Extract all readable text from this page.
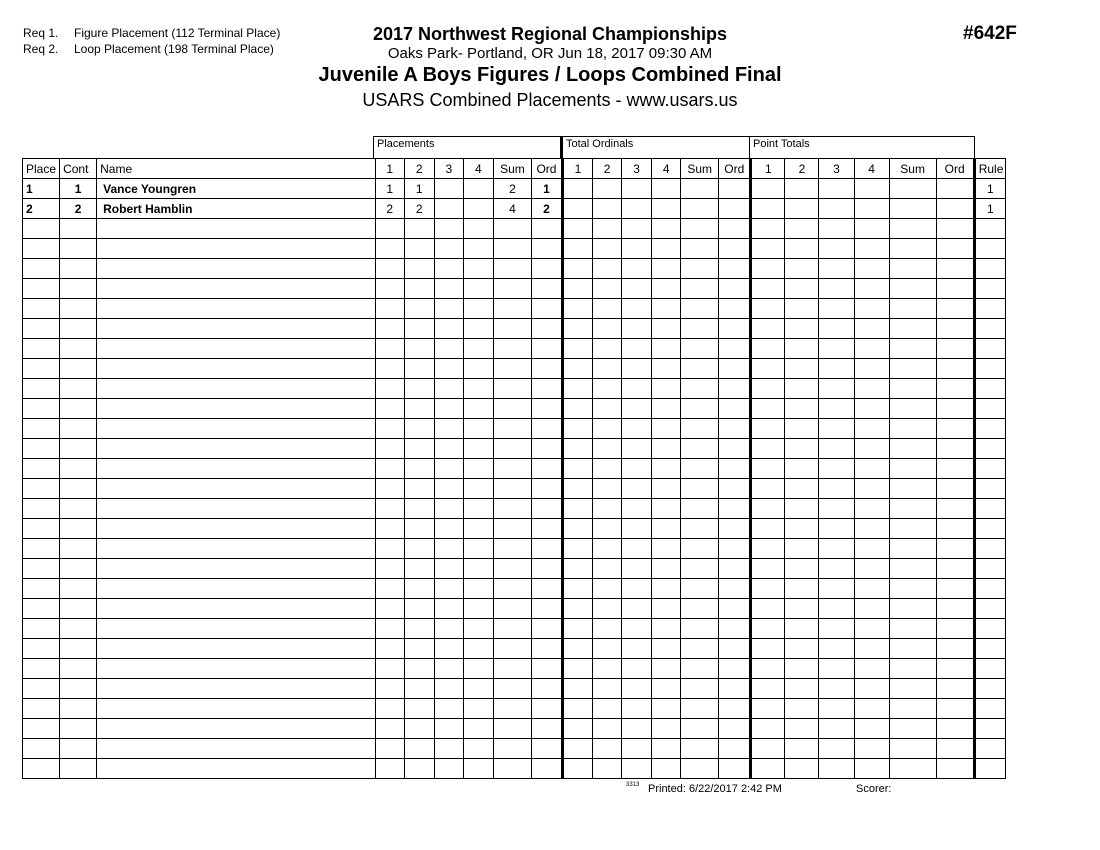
Req 1. Figure Placement (112 Terminal Place)
Req 2. Loop Placement (198 Terminal Place)
2017 Northwest Regional Championships	#642F
Oaks Park- Portland, OR Jun 18, 2017 09:30 AM
Juvenile A Boys Figures / Loops Combined Final
USARS Combined Placements - www.usars.us
Placements	Total Ordinals	Point Totals
Place	Cont	Name	1	2	3	4	Sum	Ord	1	2	3	4	Sum	Ord	1	2	3	4	Sum	Ord	Rule
1	1	Vance Youngren	1	1			2	1													1
2	2	Robert Hamblin	2	2			4	2													1

3313 Printed: 6/22/2017 2:42 PM	Scorer:
